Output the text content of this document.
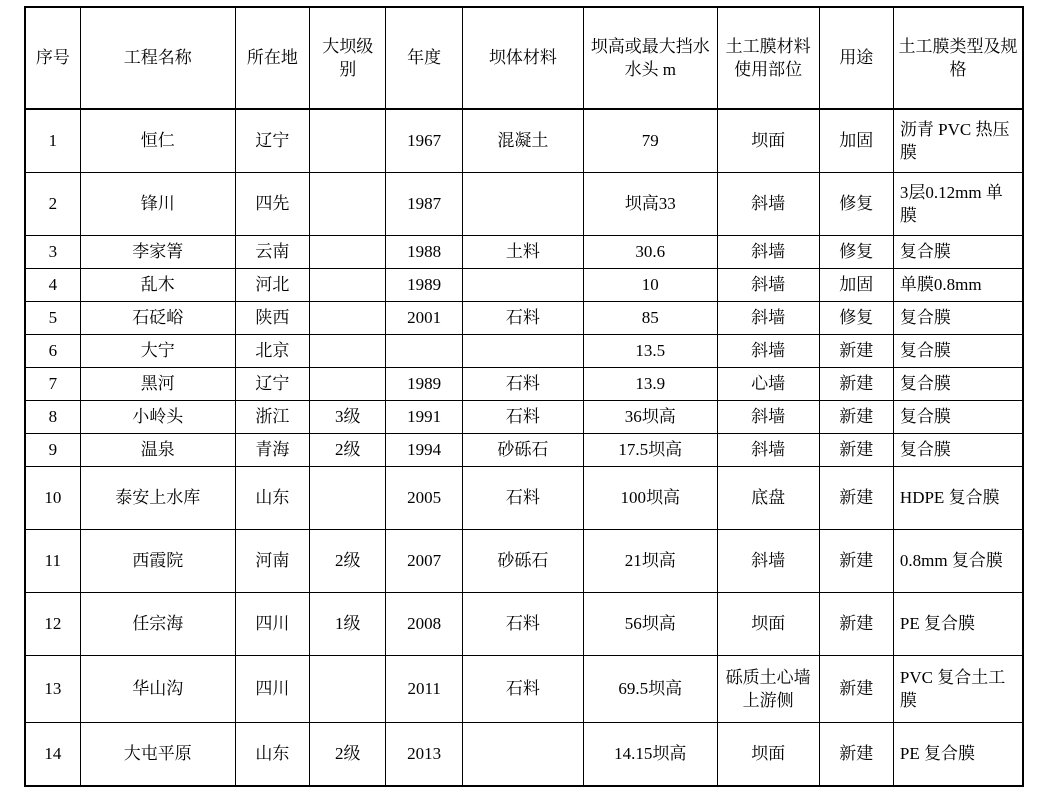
序号	工程名称	所在地	大坝级别	年度	坝体材料	坝高或最大挡水水头 m	土工膜材料使用部位	用途	土工膜类型及规格
1	恒仁	辽宁		1967	混凝土	79	坝面	加固	沥青 PVC 热压膜
2	锋川	四先		1987		坝高33	斜墙	修复	3层0.12mm 单膜
3	李家箐	云南		1988	土料	30.6	斜墙	修复	复合膜
4	乱木	河北		1989		10	斜墙	加固	单膜0.8mm
5	石砭峪	陕西		2001	石料	85	斜墙	修复	复合膜
6	大宁	北京				13.5	斜墙	新建	复合膜
7	黑河	辽宁		1989	石料	13.9	心墙	新建	复合膜
8	小岭头	浙江	3级	1991	石料	36坝高	斜墙	新建	复合膜
9	温泉	青海	2级	1994	砂砾石	17.5坝高	斜墙	新建	复合膜
10	泰安上水库	山东		2005	石料	100坝高	底盘	新建	HDPE 复合膜
11	西霞院	河南	2级	2007	砂砾石	21坝高	斜墙	新建	0.8mm 复合膜
12	任宗海	四川	1级	2008	石料	56坝高	坝面	新建	PE 复合膜
13	华山沟	四川		2011	石料	69.5坝高	砾质土心墙上游侧	新建	PVC 复合土工膜
14	大屯平原	山东	2级	2013		14.15坝高	坝面	新建	PE 复合膜
